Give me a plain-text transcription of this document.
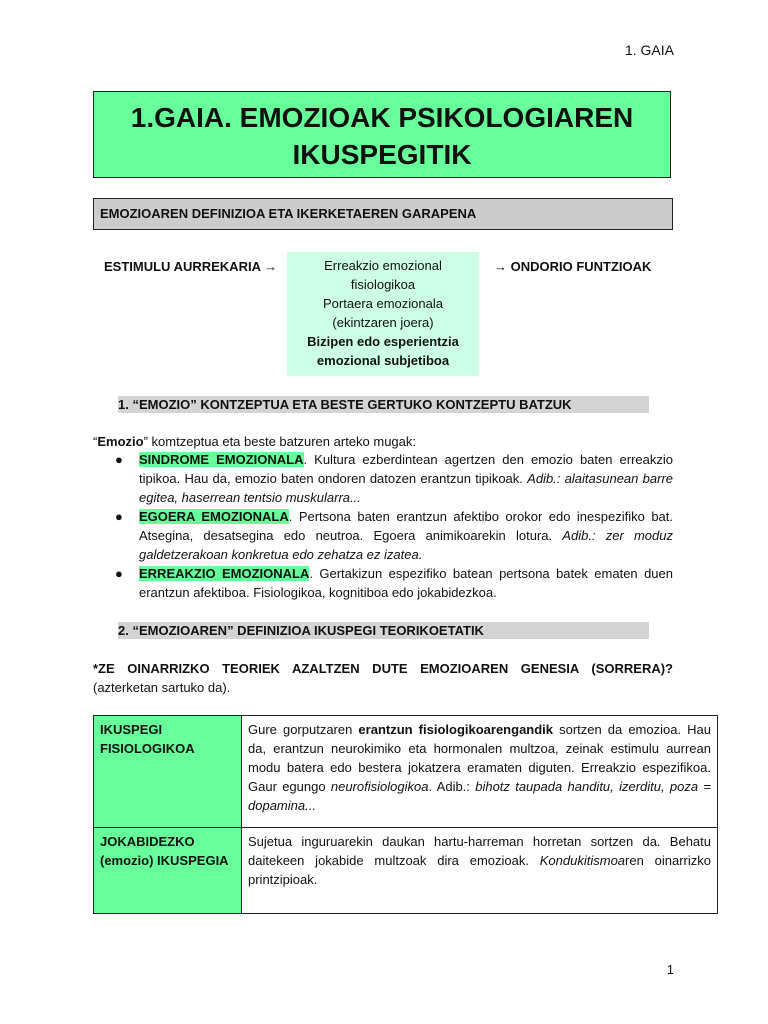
1. GAIA
1.GAIA. EMOZIOAK PSIKOLOGIAREN
IKUSPEGITIK
EMOZIOAREN DEFINIZIOA ETA IKERKETAEREN GARAPENA
ESTIMULU AURREKARIA →	Erreakzio emozional
fisiologikoa
Portaera emozionala
(ekintzaren joera)
Bizipen edo esperientzia
emozional subjetiboa
→ ONDORIO FUNTZIOAK
1. “EMOZIO” KONTZEPTUA ETA BESTE GERTUKO KONTZEPTU BATZUK
“Emozio” komtzeptua eta beste batzuren arteko mugak:
● SINDROME EMOZIONALA. Kultura ezberdintean agertzen den emozio baten erreakzio tipikoa. Hau da, emozio baten ondoren datozen erantzun tipikoak. Adib.: alaitasunean barre egitea, haserrean tentsio muskularra...
● EGOERA EMOZIONALA. Pertsona baten erantzun afektibo orokor edo inespezifiko bat. Atsegina, desatsegina edo neutroa. Egoera animikoarekin lotura. Adib.: zer moduz galdetzerakoan konkretua edo zehatza ez izatea.
● ERREAKZIO EMOZIONALA. Gertakizun espezifiko batean pertsona batek ematen duen erantzun afektiboa. Fisiologikoa, kognitiboa edo jokabidezkoa.
2. “EMOZIOAREN” DEFINIZIOA IKUSPEGI TEORIKOETATIK
*ZE OINARRIZKO TEORIEK AZALTZEN DUTE EMOZIOAREN GENESIA (SORRERA)?
(azterketan sartuko da).
IKUSPEGI FISIOLOGIKOA	Gure gorputzaren erantzun fisiologikoarengandik sortzen da emozioa. Hau da, erantzun neurokimiko eta hormonalen multzoa, zeinak estimulu aurrean modu batera edo bestera jokatzera eramaten diguten. Erreakzio espezifikoa. Gaur egungo neurofisiologikoa. Adib.: bihotz taupada handitu, izerditu, poza = dopamina...
JOKABIDEZKO (emozio) IKUSPEGIA	Sujetua inguruarekin daukan hartu-harreman horretan sortzen da. Behatu daitekeen jokabide multzoak dira emozioak. Kondukitismoaren oinarrizko printzipioak.
1
